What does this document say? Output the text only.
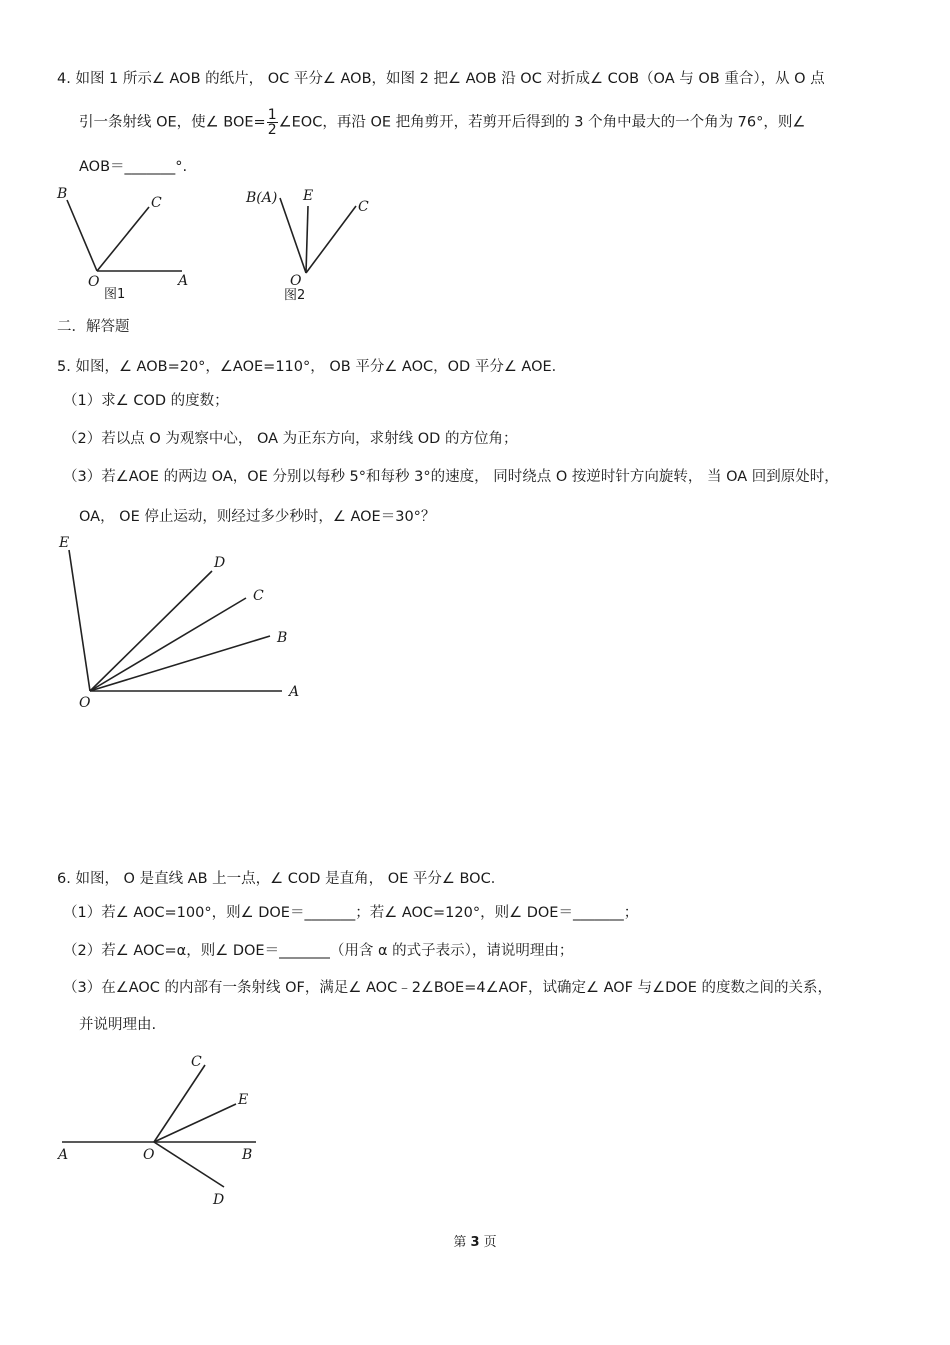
4. 如图 1 所示∠ AOB 的纸片， OC 平分∠ AOB，如图 2 把∠ AOB 沿 OC 对折成∠ COB（OA 与 OB 重合），从 O 点
引一条射线 OE，使∠ $BOE= \frac{1}{2}$ ∠EOC，再沿 OE 把角剪开，若剪开后得到的 3 个角中最大的一个角为 76°，则∠
AOB＝_______°.
B
C
O	A
图1
B(A) E
C
O
图2
E
D
C
B
A
O
C
E
A	O	B
D
二．解答题
5. 如图，∠ AOB=20°，∠AOE=110°， OB 平分∠ AOC，OD 平分∠ AOE．
（1）求∠ COD 的度数；
（2）若以点 O 为观察中心， OA 为正东方向，求射线 OD 的方位角；
（3）若∠AOE 的两边 OA，OE 分别以每秒 5°和每秒 3°的速度， 同时绕点 O 按逆时针方向旋转， 当 OA 回到原处时，
OA， OE 停止运动，则经过多少秒时，∠ AOE＝30°？
6. 如图， O 是直线 AB 上一点，∠ COD 是直角， OE 平分∠ BOC．
（1）若∠ AOC=100°，则∠ DOE＝_______；若∠ AOC=120°，则∠ DOE＝_______；
（2）若∠ AOC=α，则∠ DOE＝_______（用含 α 的式子表示），请说明理由；
（3）在∠AOC 的内部有一条射线 OF，满足∠ AOC﹣2∠BOE=4∠AOF，试确定∠ AOF 与∠DOE 的度数之间的关系，
并说明理由.
第 3 页
